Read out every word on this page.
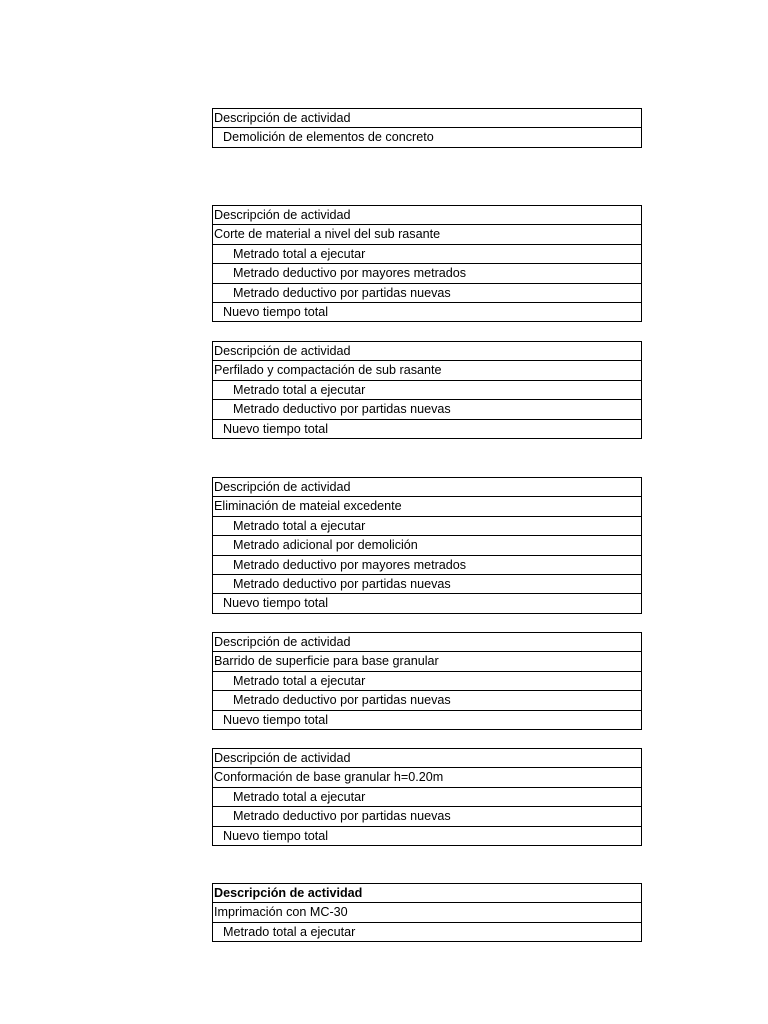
Descripción de actividad
Demolición de elementos de concreto
Descripción de actividad
Corte de material a nivel del sub rasante
Metrado total a ejecutar
Metrado deductivo por mayores metrados
Metrado deductivo por partidas nuevas
Nuevo tiempo total
Descripción de actividad
Perfilado y compactación de sub rasante
Metrado total a ejecutar
Metrado deductivo por partidas nuevas
Nuevo tiempo total
Descripción de actividad
Eliminación de mateial excedente
Metrado total a ejecutar
Metrado adicional por demolición
Metrado deductivo por mayores metrados
Metrado deductivo por partidas nuevas
Nuevo tiempo total
Descripción de actividad
Barrido de superficie para base granular
Metrado total a ejecutar
Metrado deductivo por partidas nuevas
Nuevo tiempo total
Descripción de actividad
Conformación de base granular h=0.20m
Metrado total a ejecutar
Metrado deductivo por partidas nuevas
Nuevo tiempo total
Descripción de actividad
Imprimación con MC-30
Metrado total a ejecutar
